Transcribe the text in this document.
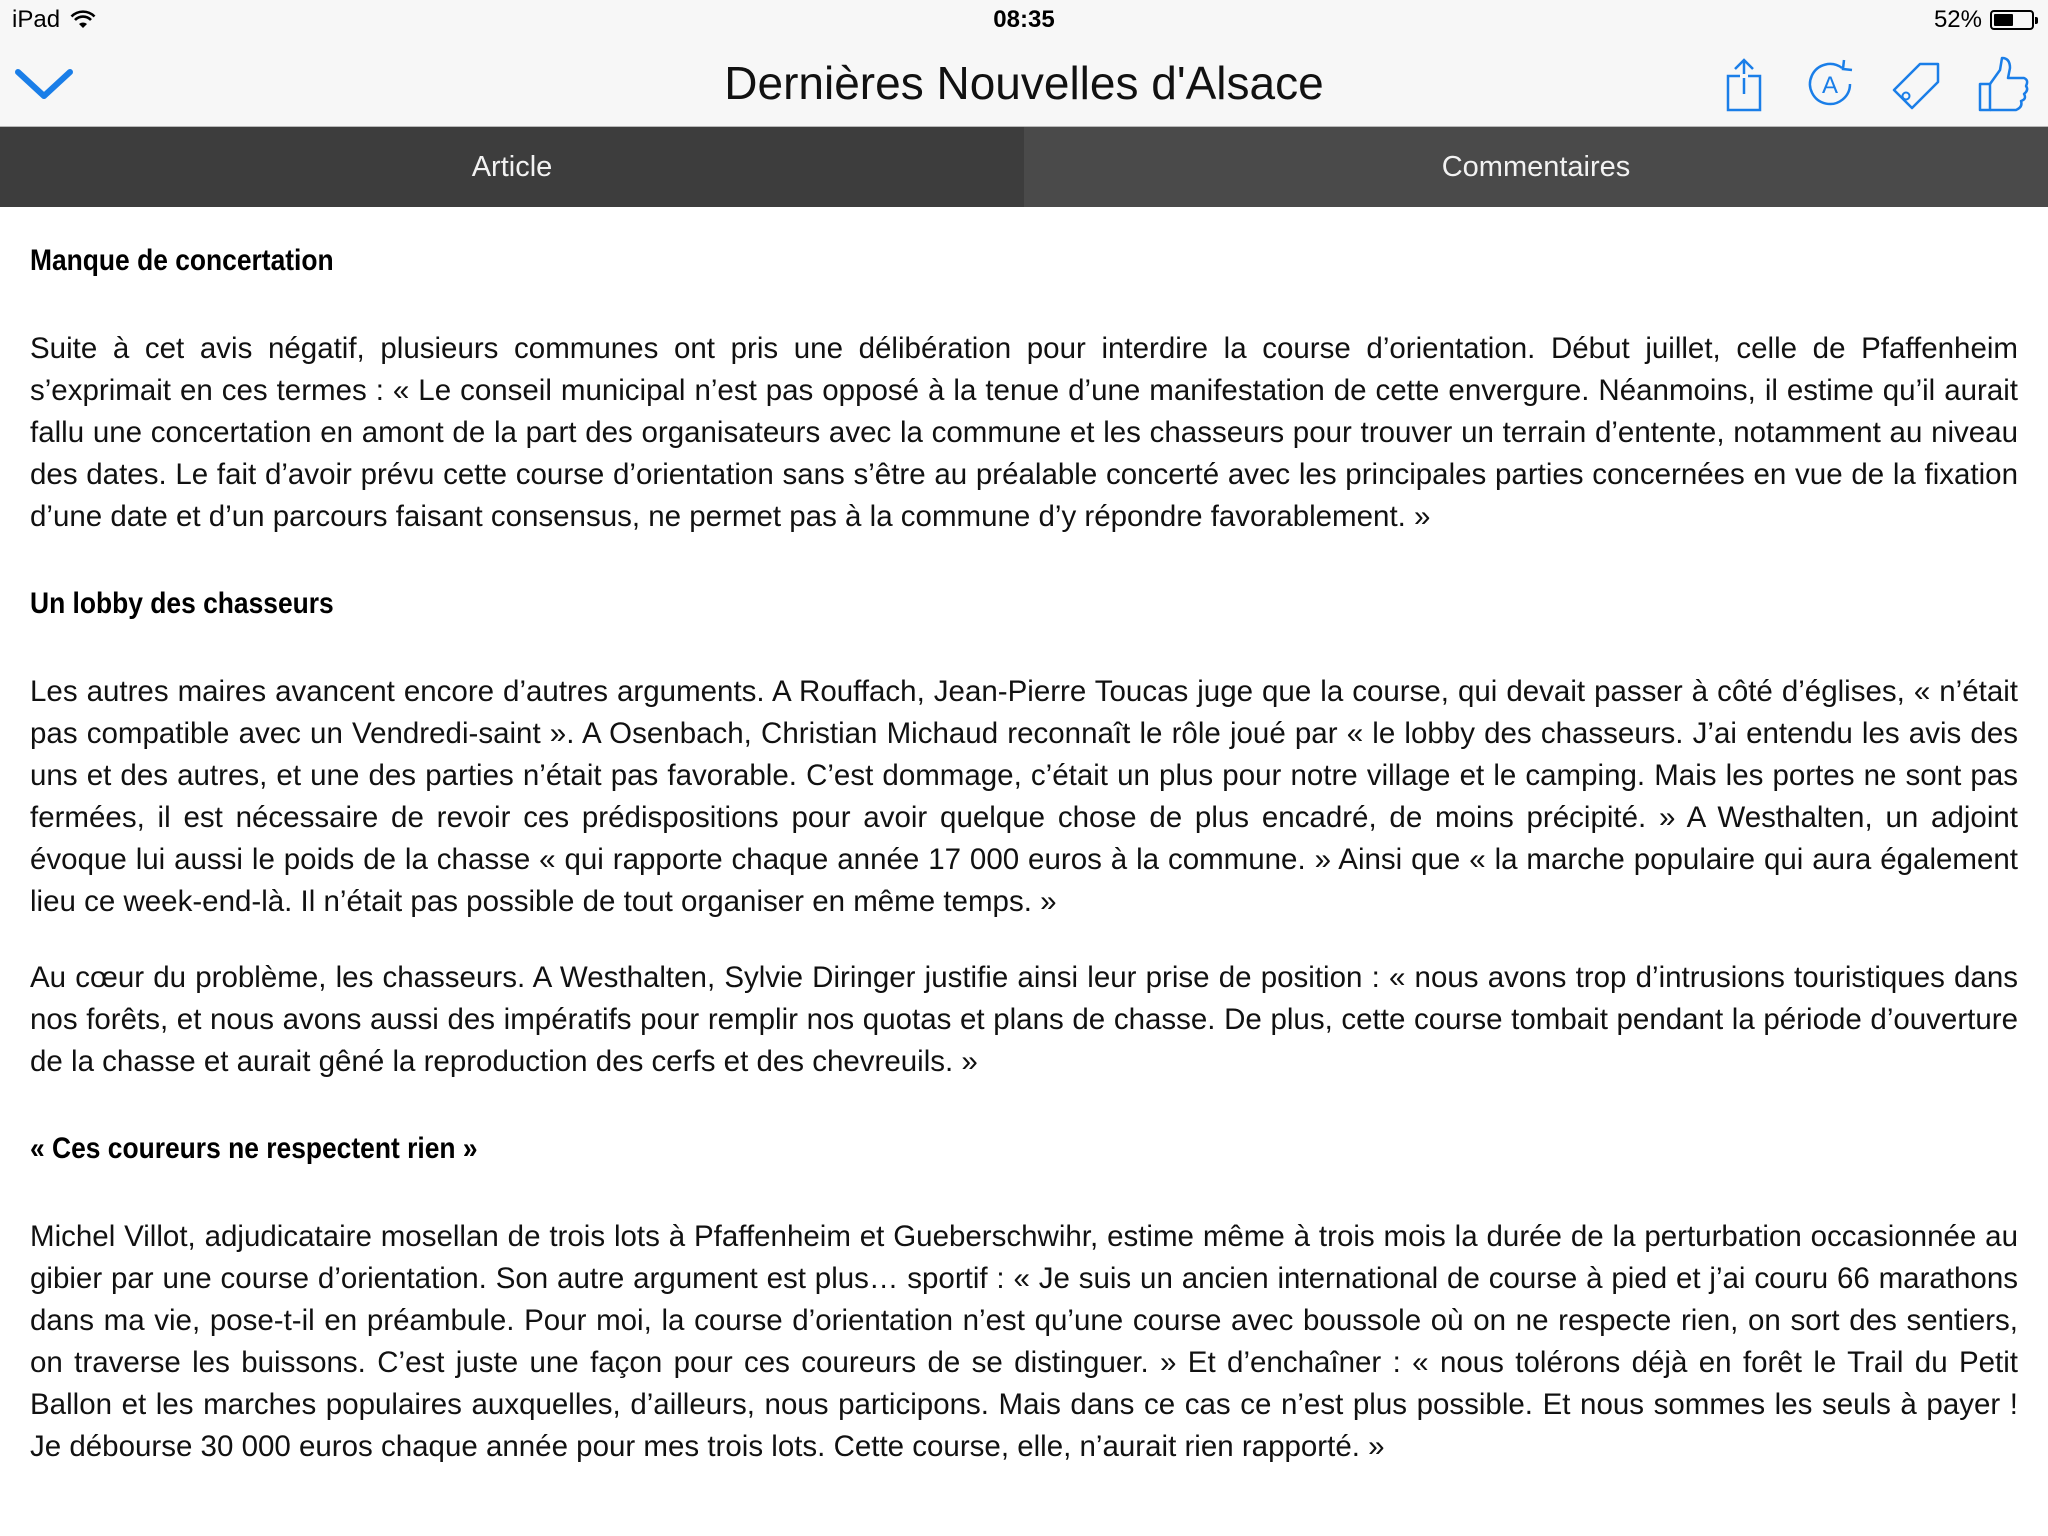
iPad	08:35	52%
Dernières Nouvelles d'Alsace	A
Article	Commentaires
Manque de concertation

Suite à cet avis négatif, plusieurs communes ont pris une délibération pour interdire la course d’orientation. Début juillet, celle de Pfaffenheim s’exprimait en ces termes : « Le conseil municipal n’est pas opposé à la tenue d’une manifestation de cette envergure. Néanmoins, il estime qu’il aurait fallu une concertation en amont de la part des organisateurs avec la commune et les chasseurs pour trouver un terrain d’entente, notamment au niveau des dates. Le fait d’avoir prévu cette course d’orientation sans s’être au préalable concerté avec les principales parties concernées en vue de la fixation d’une date et d’un parcours faisant consensus, ne permet pas à la commune d’y répondre favorablement. »

Un lobby des chasseurs

Les autres maires avancent encore d’autres arguments. A Rouffach, Jean-Pierre Toucas juge que la course, qui devait passer à côté d’églises, « n’était pas compatible avec un Vendredi-saint ». A Osenbach, Christian Michaud reconnaît le rôle joué par « le lobby des chasseurs. J’ai entendu les avis des uns et des autres, et une des parties n’était pas favorable. C’est dommage, c’était un plus pour notre village et le camping. Mais les portes ne sont pas fermées, il est nécessaire de revoir ces prédispositions pour avoir quelque chose de plus encadré, de moins précipité. » A Westhalten, un adjoint évoque lui aussi le poids de la chasse « qui rapporte chaque année 17 000 euros à la commune. » Ainsi que « la marche populaire qui aura également lieu ce week-end-là. Il n’était pas possible de tout organiser en même temps. »

Au cœur du problème, les chasseurs. A Westhalten, Sylvie Diringer justifie ainsi leur prise de position : « nous avons trop d’intrusions touristiques dans nos forêts, et nous avons aussi des impératifs pour remplir nos quotas et plans de chasse. De plus, cette course tombait pendant la période d’ouverture de la chasse et aurait gêné la reproduction des cerfs et des chevreuils. »

« Ces coureurs ne respectent rien »

Michel Villot, adjudicataire mosellan de trois lots à Pfaffenheim et Gueberschwihr, estime même à trois mois la durée de la perturbation occasionnée au gibier par une course d’orientation. Son autre argument est plus… sportif : « Je suis un ancien international de course à pied et j’ai couru 66 marathons dans ma vie, pose-t-il en préambule. Pour moi, la course d’orientation n’est qu’une course avec boussole où on ne respecte rien, on sort des sentiers, on traverse les buissons. C’est juste une façon pour ces coureurs de se distinguer. » Et d’enchaîner : « nous tolérons déjà en forêt le Trail du Petit Ballon et les marches populaires auxquelles, d’ailleurs, nous participons. Mais dans ce cas ce n’est plus possible. Et nous sommes les seuls à payer ! Je débourse 30 000 euros chaque année pour mes trois lots. Cette course, elle, n’aurait rien rapporté. »
